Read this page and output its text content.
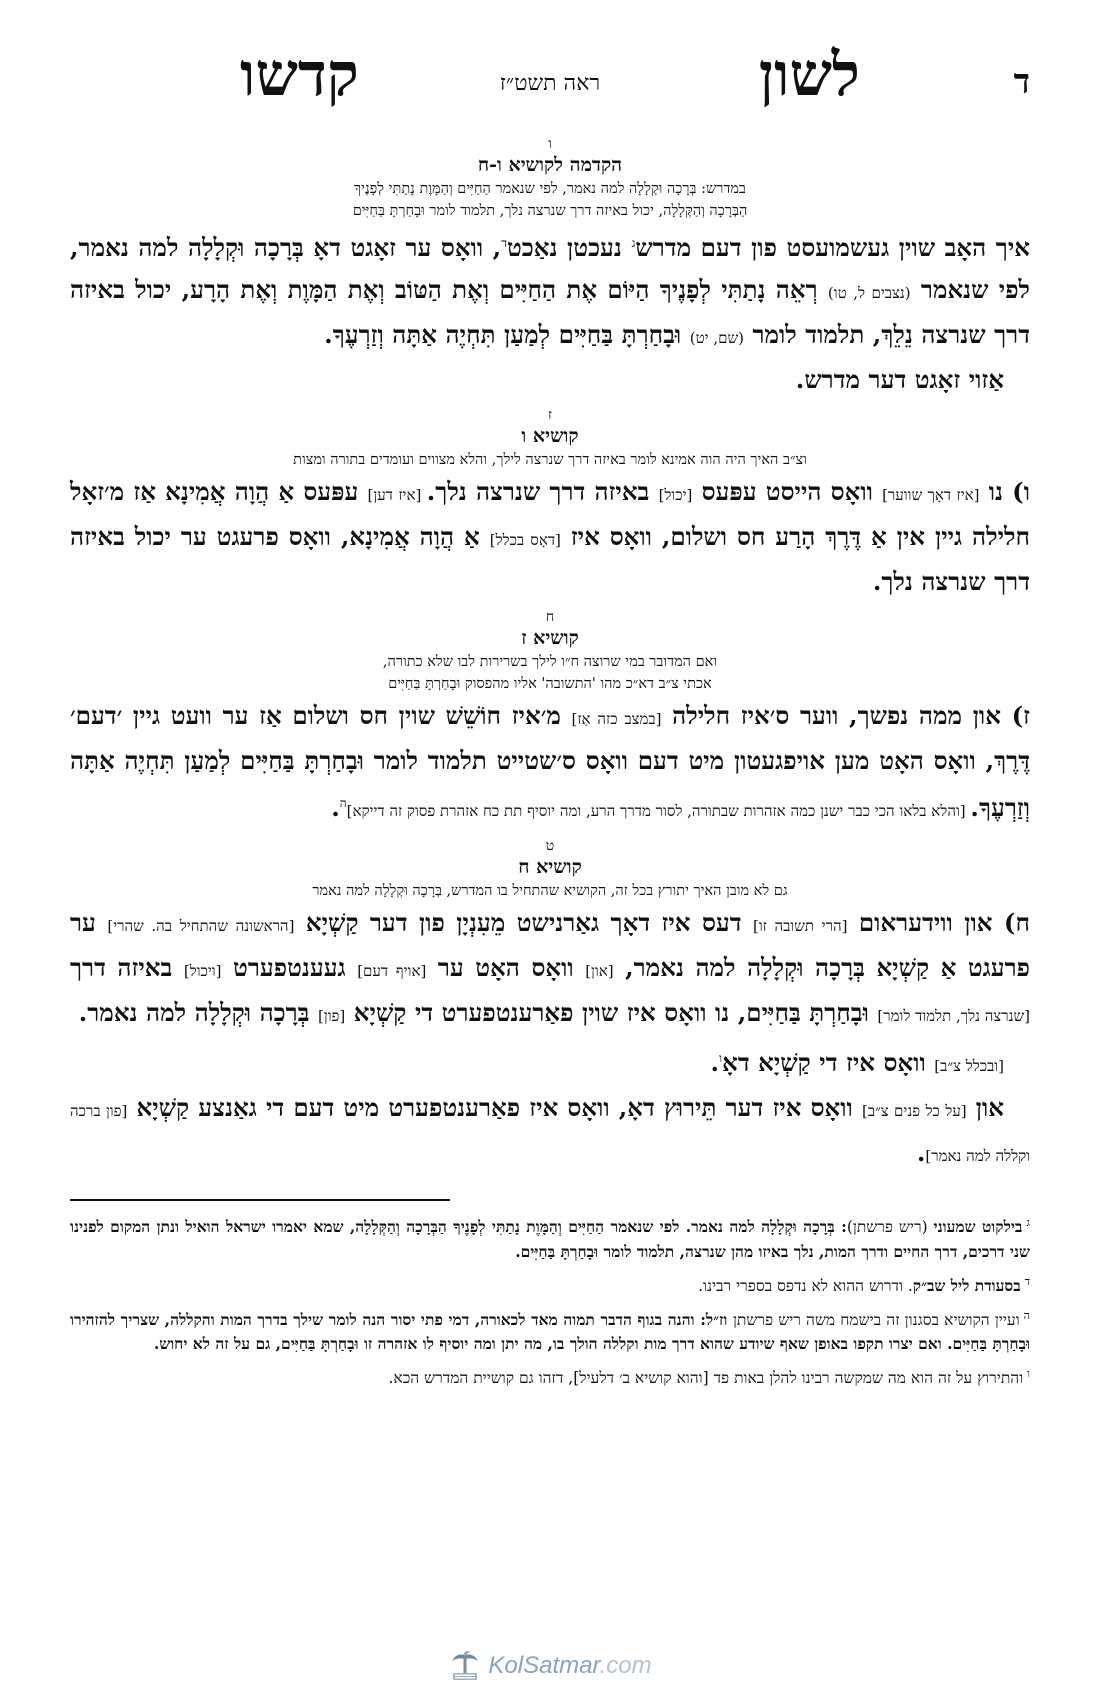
ד
לשון
ראה תשט״ז
קדשו
ו
הקדמה לקושיא ו-ח
במדרש: בְּרָכָה וּקְלָלָה למה נאמר, לפי שנאמר הַחַיִּים וְהַמָּוֶת נָתַתִּי לְפָנֶיךָ
הַבְּרָכָה וְהַקְּלָלָה, יכול באיזה דרך שנרצה נלך, תלמוד לומר וּבָחַרְתָּ בַּחַיִּים
איך האָב שוין געשמועסט פון דעם מדרש$^ג$ נעכטן נאַכט$^ד$, וואָס ער זאָגט דאָ בְּרָכָה וּקְלָלָה למה נאמר, לפי שנאמר (נצבים ל, טו) רְאֵה נָתַתִּי לְפָנֶיךָ הַיּוֹם אֶת הַחַיִּים וְאֶת הַטּוֹב וְאֶת הַמָּוֶת וְאֶת הָרָע, יכול באיזה דרך שנרצה נֵלֵךְ, תלמוד לומר (שם, יט) וּבָחַרְתָּ בַּחַיִּים לְמַעַן תִּחְיֶה אַתָּה וְזַרְעֶךָ.
אַזוי זאָגט דער מדרש.
ז
קושיא ו
וצ״ב האיך היה הוה אמינא לומר באיזה דרך שנרצה לילך, והלא מצווים ועומדים בתורה ומצות
ו) נו [איז דאָך שווער] וואָס הייסט עפּעס [יכול] באיזה דרך שנרצה נלך. [איז דען] עפּעס אַ הֲוָה אֲמִינָא אַז מ׳זאָל חלילה גיין אין אַ דֶּרֶךְ הָרַע חס ושלום, וואָס איז [דאָס בכלל] אַ הֲוָה אֲמִינָא, וואָס פרעגט ער יכול באיזה דרך שנרצה נלך.
ח
קושיא ז
ואם המדובר במי שרוצה ח״ו לילך בשרירות לבו שלא כתורה,
אכתי צ״ב דא״כ מהו 'התשובה' אליו מהפסוק וּבָחַרְתָּ בַּחַיִּים
ז) און ממה נפשך, ווער ס׳איז חלילה [במצב כזה אַז] מ׳איז חוֹשֵׁשׁ שוין חס ושלום אַז ער וועט גיין ׳דעם׳ דֶּרֶךְ, וואָס האָט מען אויפגעטון מיט דעם וואָס ס׳שטייט תלמוד לומר וּבָחַרְתָּ בַּחַיִּים לְמַעַן תִּחְיֶה אַתָּה וְזַרְעֶךָ. [והלא בלאו הכי כבר ישנן כמה אזהרות שבתורה, לסור מדרך הרע, ומה יוסיף תת כח אזהרת פסוק זה דייקא]$^ה$.
ט
קושיא ח
גם לא מובן האיך יתורץ בכל זה, הקושיא שהתחיל בו המדרש, בְּרָכָה וּקְלָלָה למה נאמר
ח) און ווידעראום [הרי תשובה זו] דעס איז דאָך גאַרנישט מֵעִנְיָן פון דער קַשְׁיָא [הראשונה שהתחיל בה. שהרי] ער פרעגט אַ קַשְׁיָא בְּרָכָה וּקְלָלָה למה נאמר, [און] וואָס האָט ער [אויף דעם] געענטפערט [ויכול] באיזה דרך [שנרצה נלך, תלמוד לומר] וּבָחַרְתָּ בַּחַיִּים, נו וואָס איז שוין פאַרענטפערט די קַשְׁיָא [פון] בְּרָכָה וּקְלָלָה למה נאמר.
[ובכלל צ״ב] וואָס איז די קַשְׁיָא דאָ$^ו$.
און [על כל פנים צ״ב] וואָס איז דער תֵּירוּץ דאָ, וואָס איז פאַרענטפערט מיט דעם די גאַנצע קַשְׁיָא [פון ברכה וקללה למה נאמר].
$^ג$בילקוט שמעוני (ריש פרשתן): בְּרָכָה וּקְלָלָה למה נאמר. לפי שנאמר הַחַיִּים וְהַמָּוֶת נָתַתִּי לְפָנֶיךָ הַבְּרָכָה וְהַקְּלָלָה, שמא יאמרו ישראל הואיל ונתן המקום לפנינו שני דרכים, דרך החיים ודרך המות, נלך באיזו מהן שנרצה, תלמוד לומר וּבָחַרְתָּ בַּחַיִּים.
$^ד$בסעודת ליל שב״ק. ודרוש ההוא לא נדפס בספרי רבינו.
$^ה$ועיין הקושיא בסגנון זה בישמח משה ריש פרשתן וז״ל: והנה בגוף הדבר תמוה מאד לכאורה, דמי פתי יסור הנה לומר שילך בדרך המות והקללה, שצריך להזהירו וּבָחַרְתָּ בַּחַיִּים. ואם יצרו תקפו באופן שאף שיודע שהוא דרך מות וקללה הולך בו, מה יתן ומה יוסיף לו אזהרה זו וּבָחַרְתָּ בַּחַיִּים, גם על זה לא יחוש.
$^ו$והתירוץ על זה הוא מה שמקשה רבינו להלן באות פד [והוא קושיא ב׳ דלעיל], דזהו גם קושיית המדרש הכא.
KolSatmar.com
